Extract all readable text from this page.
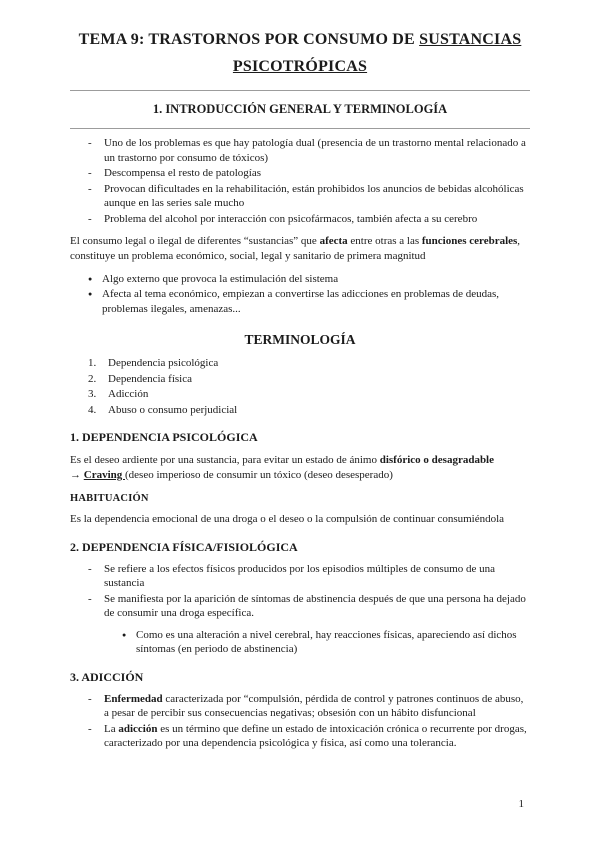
TEMA 9: TRASTORNOS POR CONSUMO DE SUSTANCIAS PSICOTRÓPICAS
1. INTRODUCCIÓN GENERAL Y TERMINOLOGÍA
-	Uno de los problemas es que hay patología dual (presencia de un trastorno mental relacionado a un trastorno por consumo de tóxicos)
-	Descompensa el resto de patologías
-	Provocan dificultades en la rehabilitación, están prohibidos los anuncios de bebidas alcohólicas aunque en las series sale mucho
-	Problema del alcohol por interacción con psicofármacos, también afecta a su cerebro

El consumo legal o ilegal de diferentes “sustancias” que afecta entre otras a las funciones cerebrales, constituye un problema económico, social, legal y sanitario de primera magnitud

● Algo externo que provoca la estimulación del sistema
● Afecta al tema económico, empiezan a convertirse las adicciones en problemas de deudas, problemas ilegales, amenazas...
TERMINOLOGÍA
1.	Dependencia psicológica
2.	Dependencia física
3.	Adicción
4.	Abuso o consumo perjudicial
1. DEPENDENCIA PSICOLÓGICA

Es el deseo ardiente por una sustancia, para evitar un estado de ánimo disfórico o desagradable
→ Craving (deseo imperioso de consumir un tóxico (deseo desesperado)

HABITUACIÓN

Es la dependencia emocional de una droga o el deseo o la compulsión de continuar consumiéndola

2. DEPENDENCIA FÍSICA/FISIOLÓGICA
-	Se refiere a los efectos físicos producidos por los episodios múltiples de consumo de una sustancia
-	Se manifiesta por la aparición de síntomas de abstinencia después de que una persona ha dejado de consumir una droga específica.
● Como es una alteración a nivel cerebral, hay reacciones físicas, apareciendo así dichos síntomas (en periodo de abstinencia)
3. ADICCIÓN
-	Enfermedad caracterizada por “compulsión, pérdida de control y patrones continuos de abuso, a pesar de percibir sus consecuencias negativas; obsesión con un hábito disfuncional
-	La adicción es un término que define un estado de intoxicación crónica o recurrente por drogas, caracterizado por una dependencia psicológica y física, así como una tolerancia.
1
